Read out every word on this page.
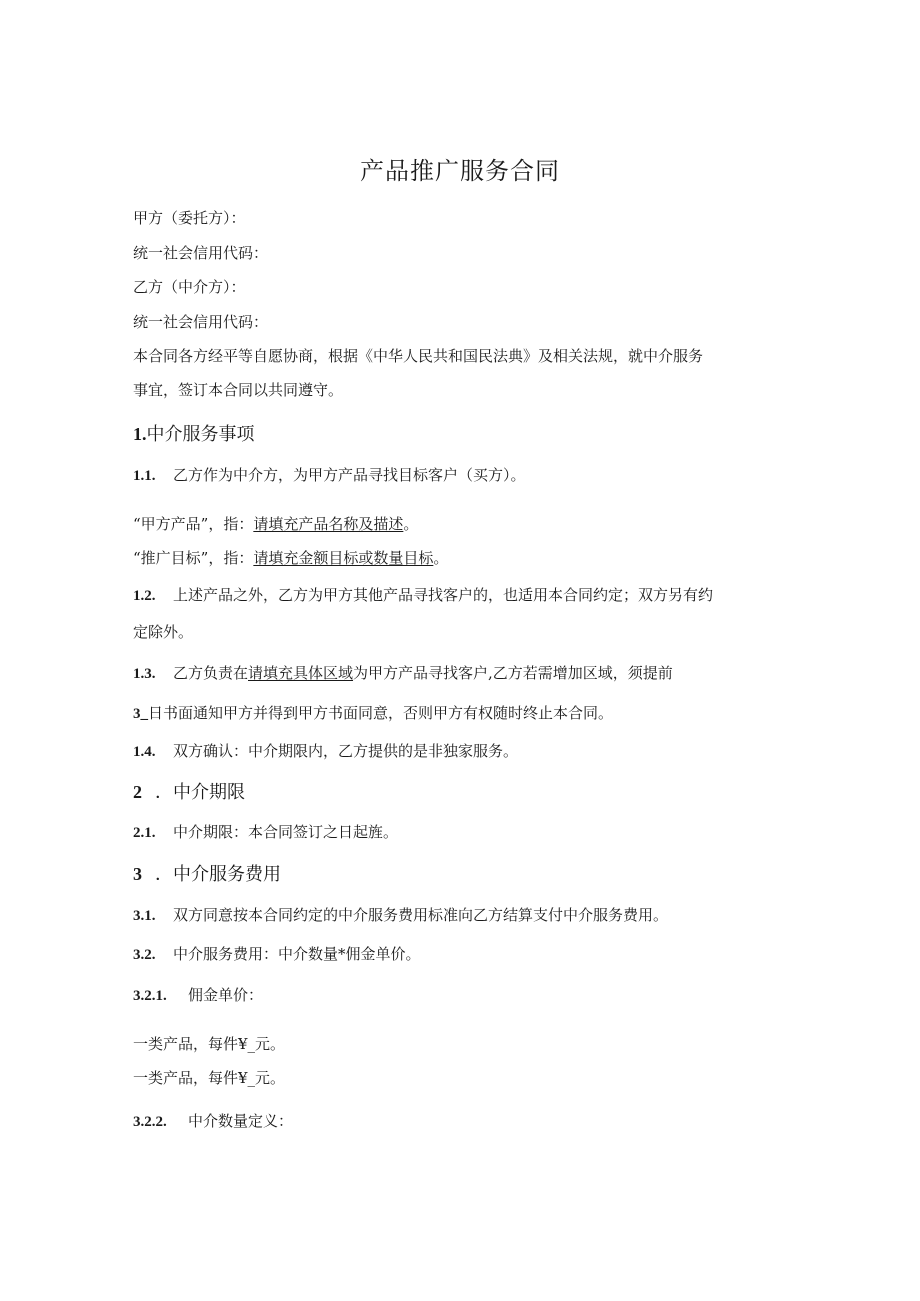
产品推广服务合同
甲方（委托方）：
统一社会信用代码：
乙方（中介方）：
统一社会信用代码：
本合同各方经平等自愿协商，根据《中华人民共和国民法典》及相关法规，就中介服务
事宜，签订本合同以共同遵守。
1.中介服务事项
1.1. 乙方作为中介方，为甲方产品寻找目标客户（买方）。
“甲方产品”，指：请填充产品名称及描述。
“推广目标”，指：请填充金额目标或数量目标。
1.2. 上述产品之外，乙方为甲方其他产品寻找客户的，也适用本合同约定；双方另有约
定除外。
1.3. 乙方负责在请填充具体区域为甲方产品寻找客户,乙方若需增加区域，须提前
3_日书面通知甲方并得到甲方书面同意，否则甲方有权随时终止本合同。
1.4. 双方确认：中介期限内，乙方提供的是非独家服务。
2 ．中介期限
2.1. 中介期限：本合同签订之日起旌。
3 ．中介服务费用
3.1. 双方同意按本合同约定的中介服务费用标准向乙方结算支付中介服务费用。
3.2. 中介服务费用：中介数量*佣金单价。
3.2.1. 佣金单价：
一类产品，每件¥_元。
一类产品，每件¥_元。
3.2.2. 中介数量定义：
